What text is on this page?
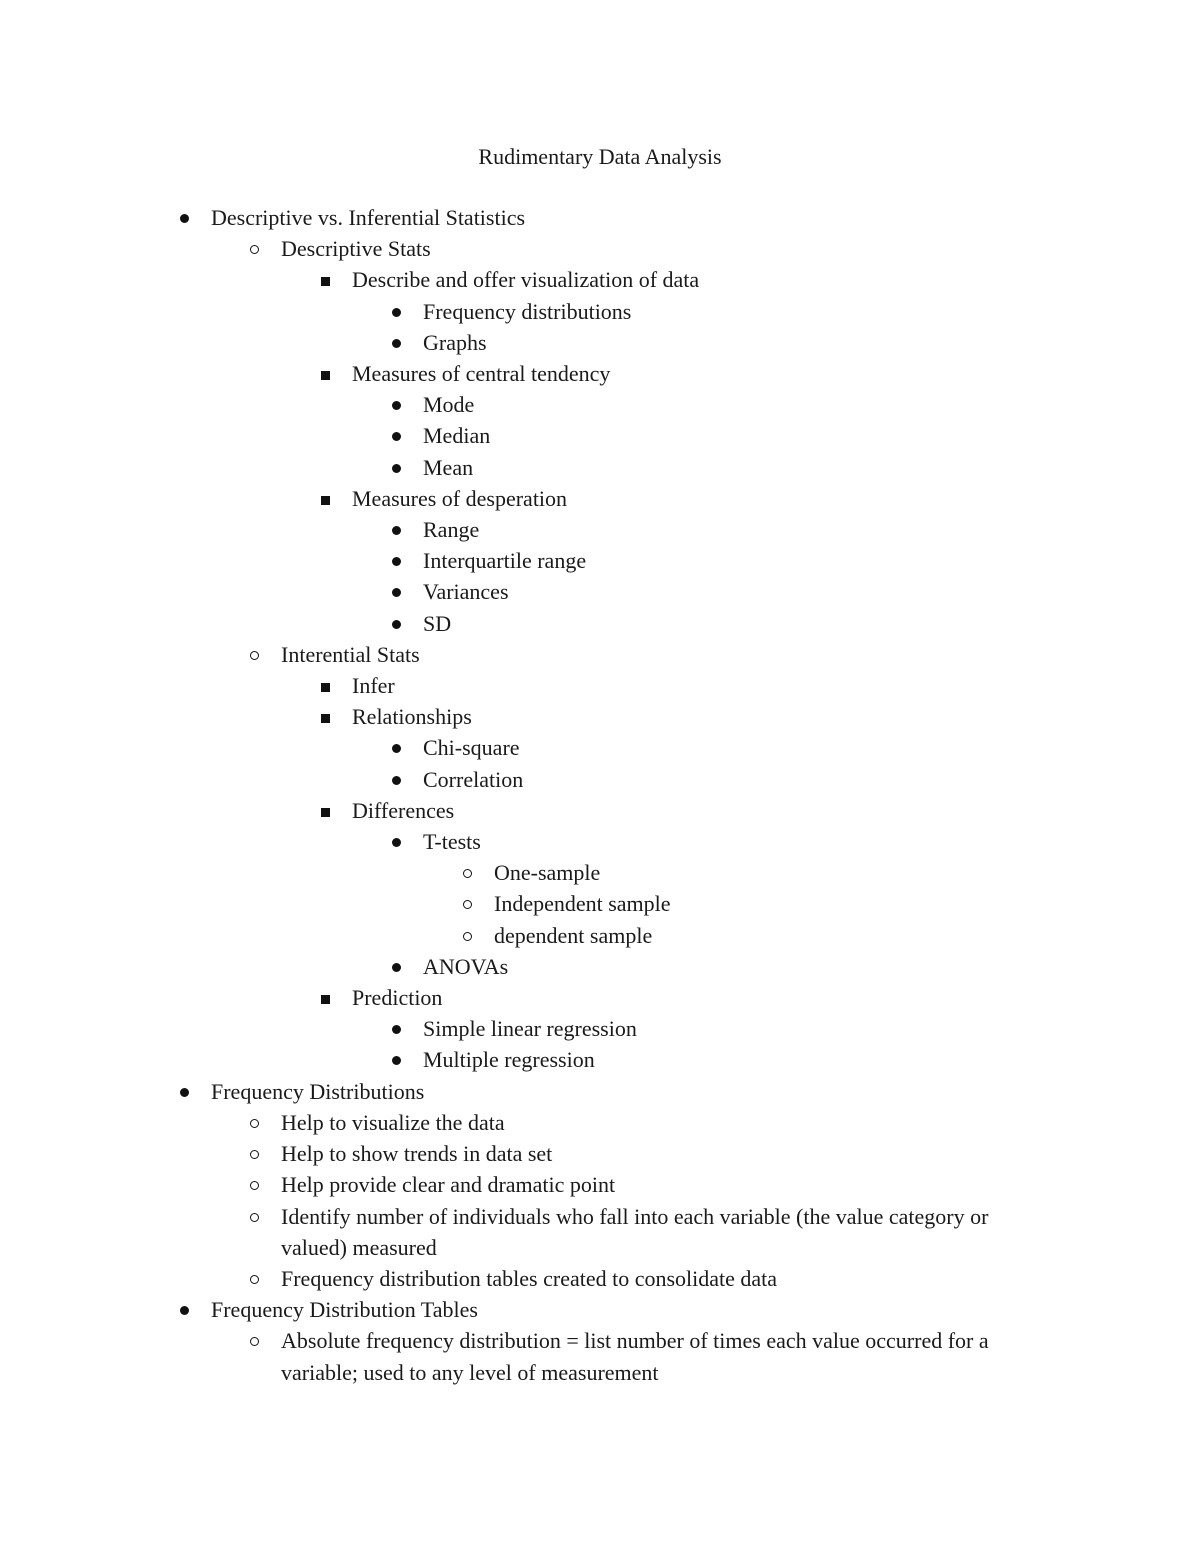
Rudimentary Data Analysis
Descriptive vs. Inferential Statistics
Descriptive Stats
Describe and offer visualization of data
Frequency distributions
Graphs
Measures of central tendency
Mode
Median
Mean
Measures of desperation
Range
Interquartile range
Variances
SD
Interential Stats
Infer
Relationships
Chi-square
Correlation
Differences
T-tests
One-sample
Independent sample
dependent sample
ANOVAs
Prediction
Simple linear regression
Multiple regression
Frequency Distributions
Help to visualize the data
Help to show trends in data set
Help provide clear and dramatic point
Identify number of individuals who fall into each variable (the value category or valued) measured
Frequency distribution tables created to consolidate data
Frequency Distribution Tables
Absolute frequency distribution = list number of times each value occurred for a variable; used to any level of measurement
